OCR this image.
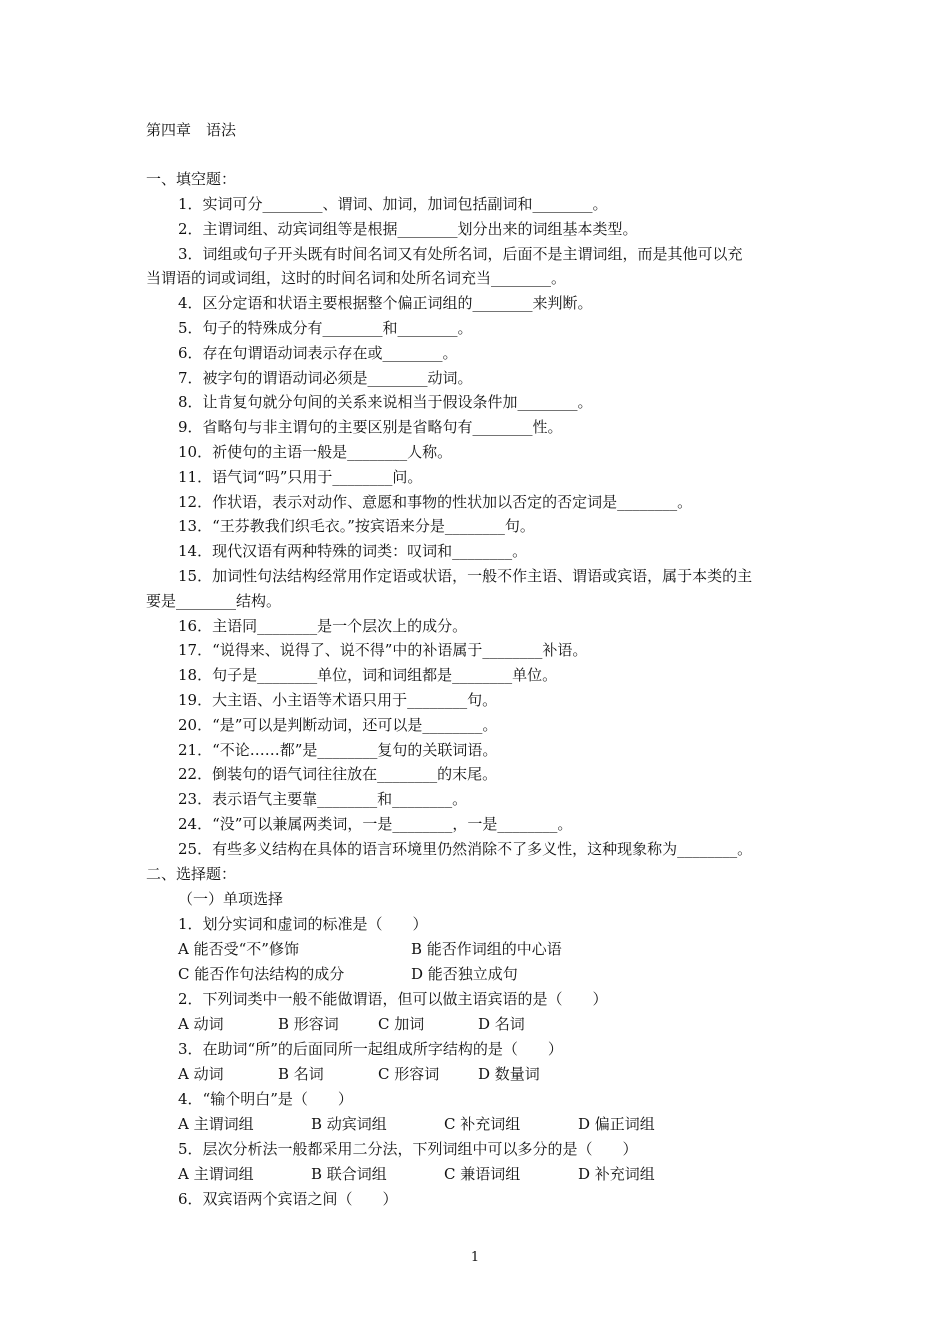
第四章　语法
一、填空题：
1．实词可分________、谓词、加词，加词包括副词和________。
2．主谓词组、动宾词组等是根据________划分出来的词组基本类型。
3．词组或句子开头既有时间名词又有处所名词，后面不是主谓词组，而是其他可以充
当谓语的词或词组，这时的时间名词和处所名词充当________。
4．区分定语和状语主要根据整个偏正词组的________来判断。
5．句子的特殊成分有________和________。
6．存在句谓语动词表示存在或________。
7．被字句的谓语动词必须是________动词。
8．让肯复句就分句间的关系来说相当于假设条件加________。
9．省略句与非主谓句的主要区别是省略句有________性。
10．祈使句的主语一般是________人称。
11．语气词“吗”只用于________问。
12．作状语，表示对动作、意愿和事物的性状加以否定的否定词是________。
13．“王芬教我们织毛衣。”按宾语来分是________句。
14．现代汉语有两种特殊的词类：叹词和________。
15．加词性句法结构经常用作定语或状语，一般不作主语、谓语或宾语，属于本类的主
要是________结构。
16．主语同________是一个层次上的成分。
17．“说得来、说得了、说不得”中的补语属于________补语。
18．句子是________单位，词和词组都是________单位。
19．大主语、小主语等术语只用于________句。
20．“是”可以是判断动词，还可以是________。
21．“不论……都”是________复句的关联词语。
22．倒装句的语气词往往放在________的末尾。
23．表示语气主要靠________和________。
24．“没”可以兼属两类词，一是________，一是________。
25．有些多义结构在具体的语言环境里仍然消除不了多义性，这种现象称为________。
二、选择题：
（一）单项选择
1．划分实词和虚词的标准是（　　）
A 能否受“不”修饰	B 能否作词组的中心语
C 能否作句法结构的成分	D 能否独立成句
2．下列词类中一般不能做谓语，但可以做主语宾语的是（　　）
A 动词	B 形容词	C 加词	D 名词
3．在助词“所”的后面同所一起组成所字结构的是（　　）
A 动词	B 名词	C 形容词	D 数量词
4．“输个明白”是（　　）
A 主谓词组	B 动宾词组	C 补充词组	D 偏正词组
5．层次分析法一般都采用二分法，下列词组中可以多分的是（　　）
A 主谓词组	B 联合词组	C 兼语词组	D 补充词组
6．双宾语两个宾语之间（　　）
1
